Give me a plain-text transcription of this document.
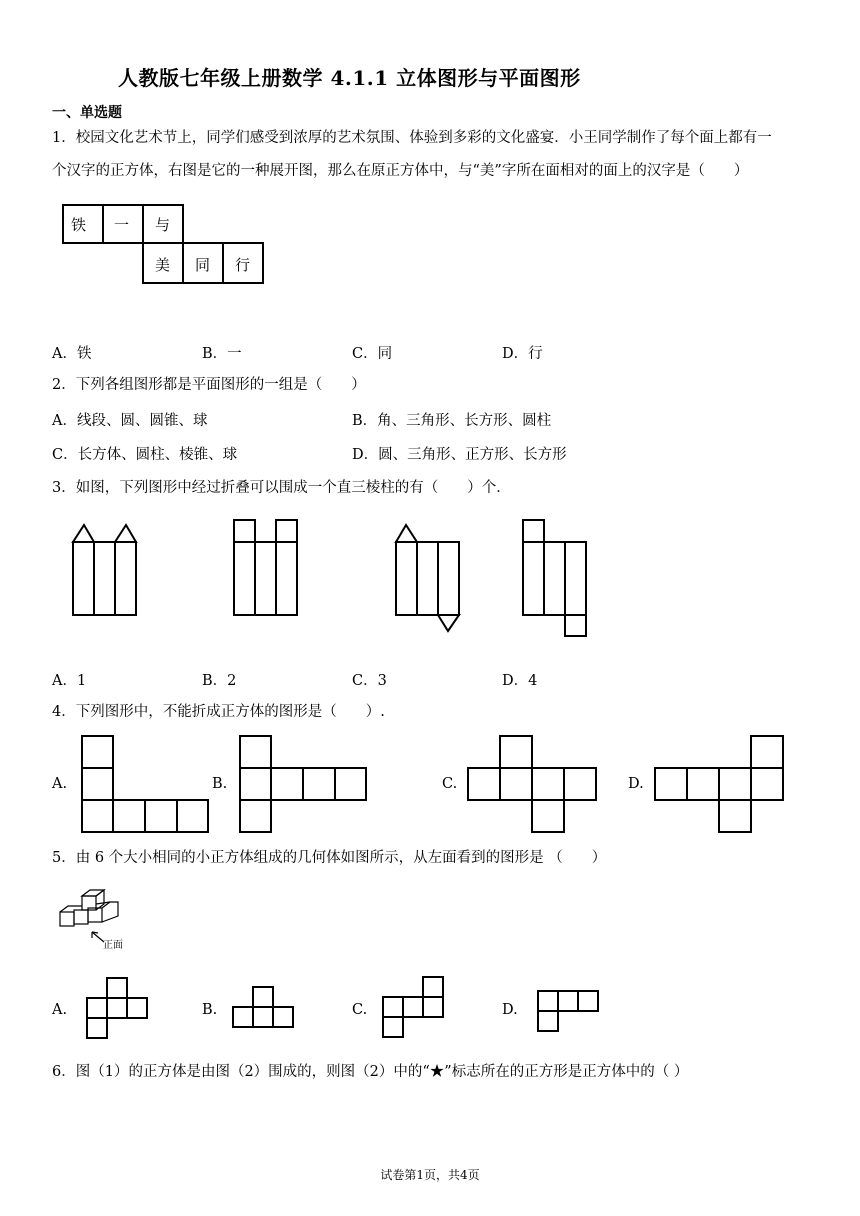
人教版七年级上册数学 4.1.1 立体图形与平面图形
一、单选题
1．校园文化艺术节上，同学们感受到浓厚的艺术氛围、体验到多彩的文化盛宴．小王同学制作了每个面上都有一
个汉字的正方体，右图是它的一种展开图，那么在原正方体中，与“美”字所在面相对的面上的汉字是（　　）
铁 一 与
美 同 行
A．铁	B．一	C．同	D．行
2．下列各组图形都是平面图形的一组是（　　）
A．线段、圆、圆锥、球	B．角、三角形、长方形、圆柱
C．长方体、圆柱、棱锥、球	D．圆、三角形、正方形、长方形
3．如图，下列图形中经过折叠可以围成一个直三棱柱的有（　　）个．
A．1	B．2	C．3	D．4
4．下列图形中，不能折成正方体的图形是（　　）.
A.	B.	C.	D.
5．由 6 个大小相同的小正方体组成的几何体如图所示，从左面看到的图形是 （　　）
正面
A.	B.	C.	D.
6．图（1）的正方体是由图（2）围成的，则图（2）中的“★”标志所在的正方形是正方体中的（ ）
试卷第1页，共4页
